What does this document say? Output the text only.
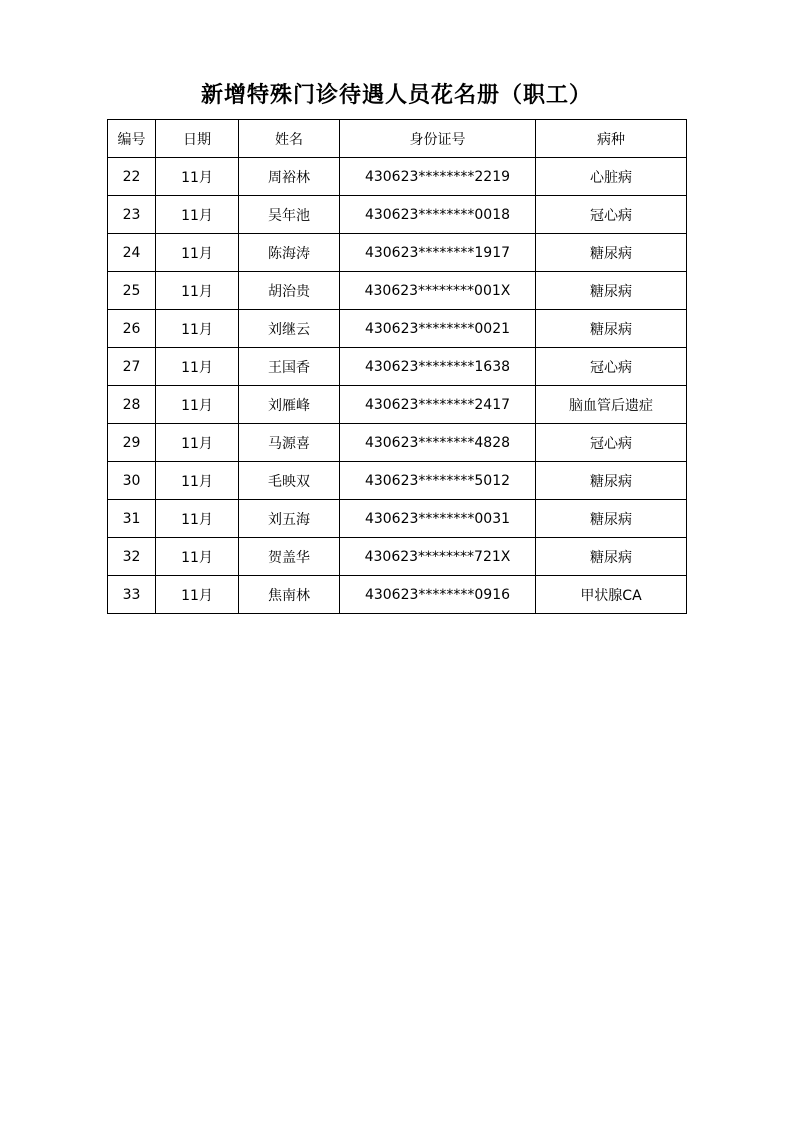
新增特殊门诊待遇人员花名册（职工）
编号	日期	姓名	身份证号	病种
22	11月	周裕林	430623********2219	心脏病
23	11月	吴年池	430623********0018	冠心病
24	11月	陈海涛	430623********1917	糖尿病
25	11月	胡治贵	430623********001X	糖尿病
26	11月	刘继云	430623********0021	糖尿病
27	11月	王国香	430623********1638	冠心病
28	11月	刘雁峰	430623********2417	脑血管后遗症
29	11月	马源喜	430623********4828	冠心病
30	11月	毛映双	430623********5012	糖尿病
31	11月	刘五海	430623********0031	糖尿病
32	11月	贺盖华	430623********721X	糖尿病
33	11月	焦南林	430623********0916	甲状腺CA
